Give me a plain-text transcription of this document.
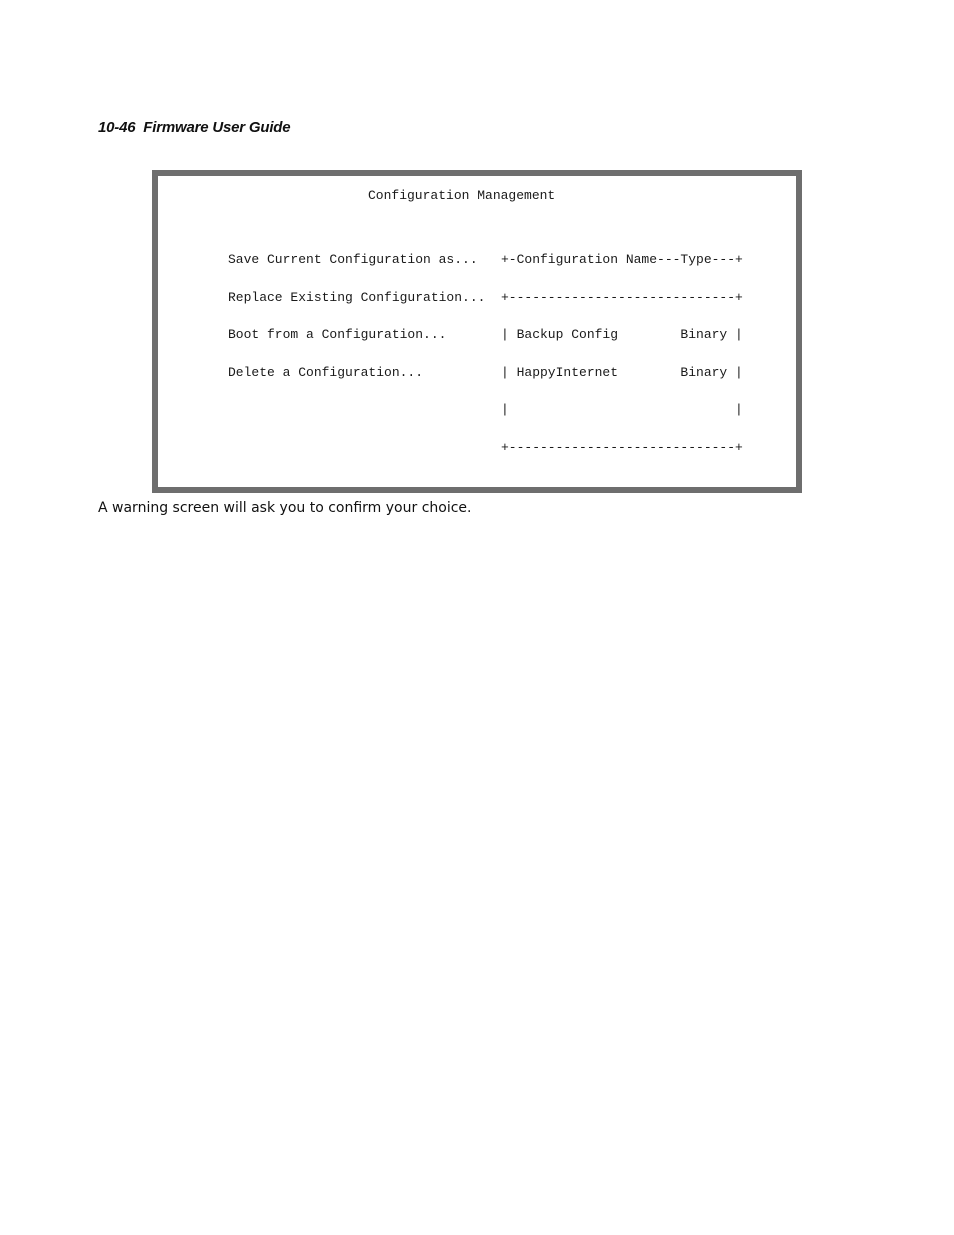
10-46  Firmware User Guide
Configuration Management

Save Current Configuration as...

Replace Existing Configuration...

Boot from a Configuration...

Delete a Configuration...

+-Configuration Name---Type---+

+-----------------------------+

| Backup Config        Binary |

| HappyInternet        Binary |

|                             |

+-----------------------------+

A warning screen will ask you to confirm your choice.
